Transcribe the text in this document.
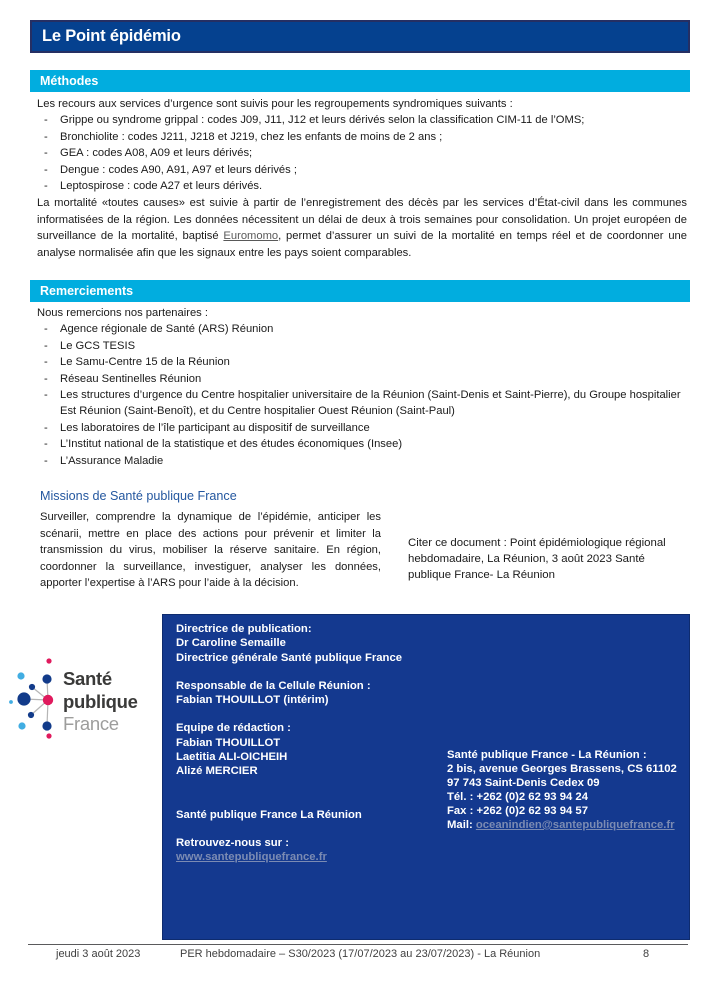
Le Point épidémio
Méthodes

Les recours aux services d’urgence sont suivis pour les regroupements syndromiques suivants :

- Grippe ou syndrome grippal : codes J09, J11, J12 et leurs dérivés selon la classification CIM-11 de l’OMS;
- Bronchiolite : codes J211, J218 et J219, chez les enfants de moins de 2 ans ;
- GEA : codes A08, A09 et leurs dérivés;
- Dengue : codes A90, A91, A97 et leurs dérivés ;
- Leptospirose : code A27 et leurs dérivés.

La mortalité «toutes causes» est suivie à partir de l’enregistrement des décès par les services d’État-civil dans les communes informatisées de la région. Les données nécessitent un délai de deux à trois semaines pour consolidation. Un projet européen de surveillance de la mortalité, baptisé Euromomo, permet d’assurer un suivi de la mortalité en temps réel et de coordonner une analyse normalisée afin que les signaux entre les pays soient comparables.

Remerciements

Nous remercions nos partenaires :

- Agence régionale de Santé (ARS) Réunion
- Le GCS TESIS
- Le Samu-Centre 15 de la Réunion
- Réseau Sentinelles Réunion
- Les structures d’urgence du Centre hospitalier universitaire de la Réunion (Saint-Denis et Saint-Pierre), du Groupe hospitalier Est Réunion (Saint-Benoît), et du Centre hospitalier Ouest Réunion (Saint-Paul)
- Les laboratoires de l’île participant au dispositif de surveillance
- L’Institut national de la statistique et des études économiques (Insee)
- L’Assurance Maladie
Missions de Santé publique France

Surveiller, comprendre la dynamique de l’épidémie, anticiper les scénarii, mettre en place des actions pour prévenir et limiter la transmission du virus, mobiliser la réserve sanitaire. En région, coordonner la surveillance, investiguer, analyser les données, apporter l’expertise à l’ARS pour l’aide à la décision.

Citer ce document : Point épidémiologique régional hebdomadaire, La Réunion, 3 août 2023 Santé publique France- La Réunion

Santé
publique
France

Directrice de publication:

Dr Caroline Semaille

Directrice générale Santé publique France

Responsable de la Cellule Réunion :

Fabian THOUILLOT (intérim)

Equipe de rédaction :

Fabian THOUILLOT

Laetitia ALI-OICHEIH

Alizé MERCIER

Santé publique France La Réunion

Retrouvez-nous sur :

www.santepubliquefrance.fr

Santé publique France - La Réunion :

2 bis, avenue Georges Brassens, CS 61102

97 743 Saint-Denis Cedex 09

Tél. : +262 (0)2 62 93 94 24

Fax : +262 (0)2 62 93 94 57

Mail: oceanindien@santepubliquefrance.fr

jeudi 3 août 2023	PER hebdomadaire – S30/2023 (17/07/2023 au 23/07/2023) - La Réunion	8
